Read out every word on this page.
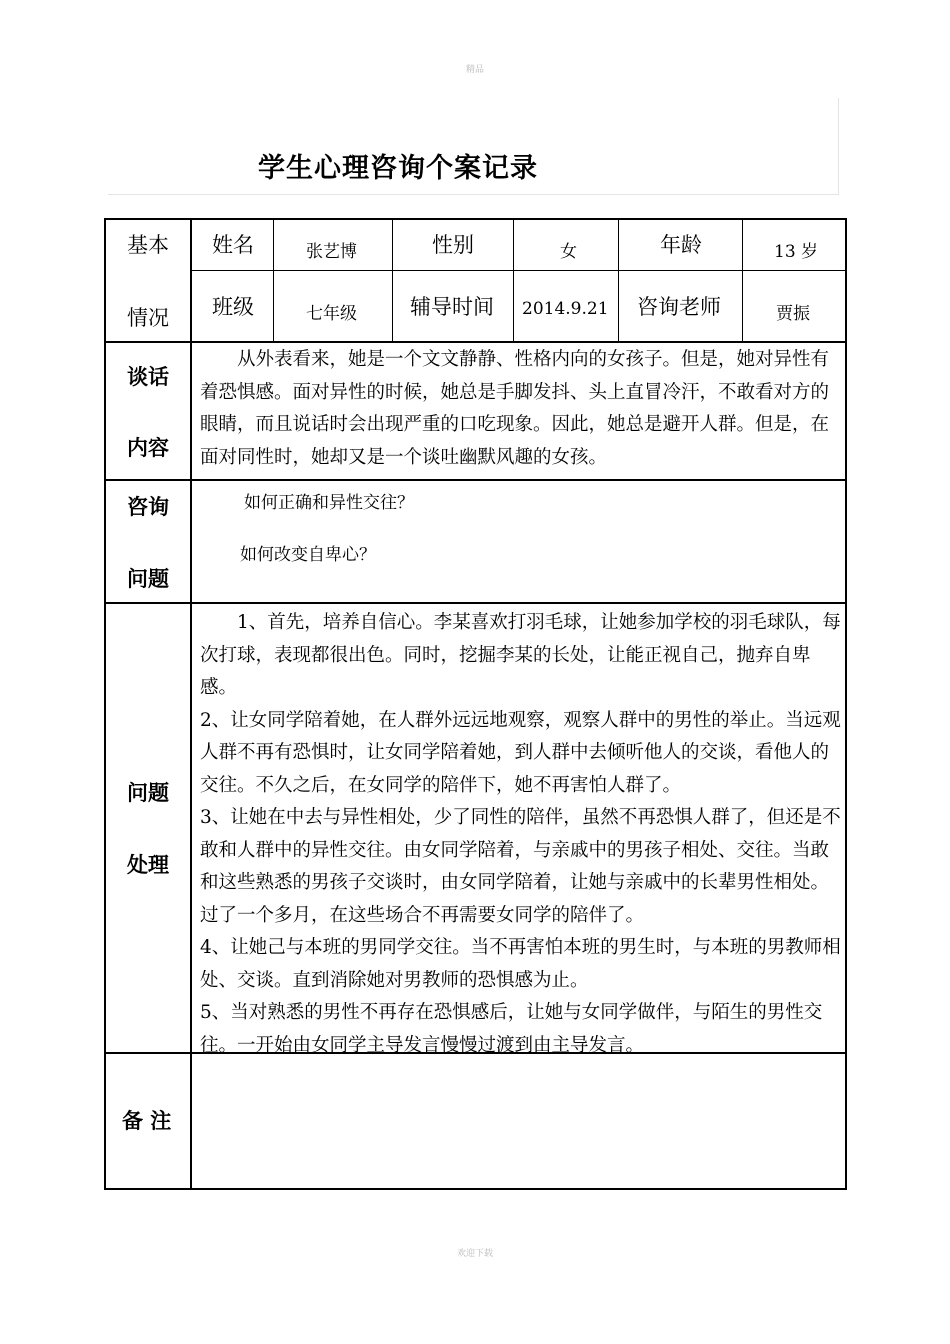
精品
学生心理咨询个案记录
基本
情况
姓名	张艺博	性别	女	年龄	13 岁
班级	七年级	辅导时间 2014.9.21 咨询老师	贾振
谈话
内容

从外表看来，她是一个文文静静、性格内向的女孩子。但是，她对异性有着恐惧感。面对异性的时候，她总是手脚发抖、头上直冒冷汗，不敢看对方的眼睛，而且说话时会出现严重的口吃现象。因此，她总是避开人群。但是，在面对同性时，她却又是一个谈吐幽默风趣的女孩。

咨询
问题
如何正确和异性交往？
如何改变自卑心？
问题
处理

1、首先，培养自信心。李某喜欢打羽毛球，让她参加学校的羽毛球队，每次打球，表现都很出色。同时，挖掘李某的长处，让能正视自己，抛弃自卑感。

2、让女同学陪着她，在人群外远远地观察，观察人群中的男性的举止。当远观人群不再有恐惧时，让女同学陪着她，到人群中去倾听他人的交谈，看他人的交往。不久之后，在女同学的陪伴下，她不再害怕人群了。

3、让她在中去与异性相处，少了同性的陪伴，虽然不再恐惧人群了，但还是不敢和人群中的异性交往。由女同学陪着，与亲戚中的男孩子相处、交往。当敢和这些熟悉的男孩子交谈时，由女同学陪着，让她与亲戚中的长辈男性相处。过了一个多月，在这些场合不再需要女同学的陪伴了。

4、让她己与本班的男同学交往。当不再害怕本班的男生时，与本班的男教师相处、交谈。直到消除她对男教师的恐惧感为止。

5、当对熟悉的男性不再存在恐惧感后，让她与女同学做伴，与陌生的男性交往。一开始由女同学主导发言慢慢过渡到由主导发言。

备 注
欢迎下载
